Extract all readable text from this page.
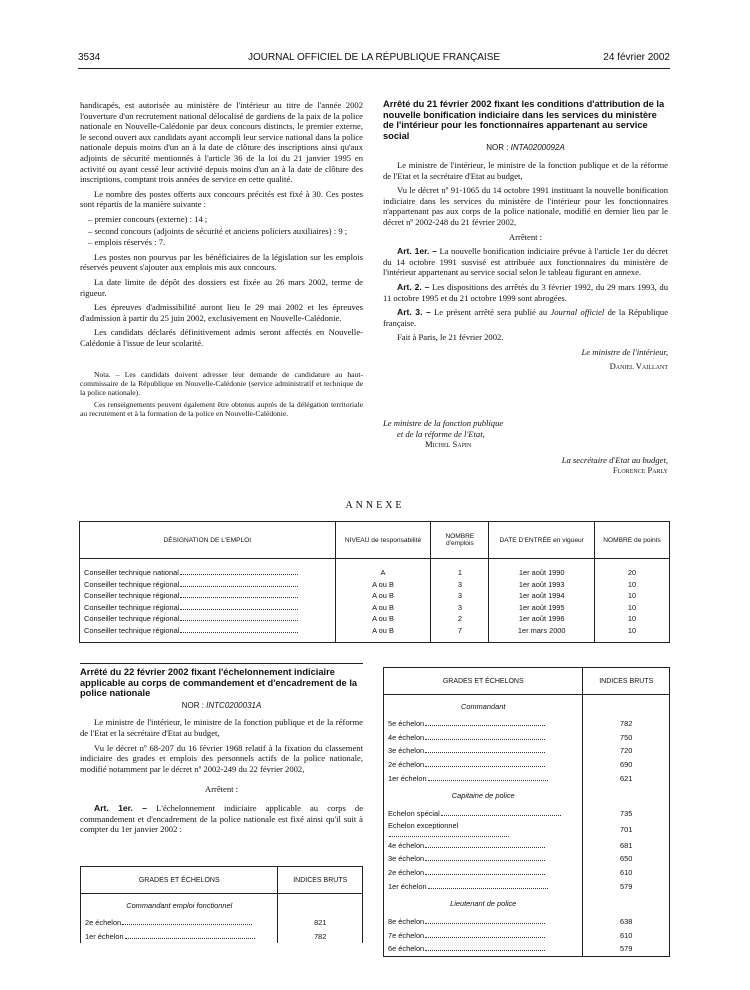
3534	JOURNAL OFFICIEL DE LA RÉPUBLIQUE FRANÇAISE	24 février 2002

handicapés, est autorisée au ministère de l'intérieur au titre de l'année 2002 l'ouverture d'un recrutement national délocalisé de gardiens de la paix de la police nationale en Nouvelle-Calédonie par deux concours distincts, le premier externe, le second ouvert aux candidats ayant accompli leur service national dans la police nationale depuis moins d'un an à la date de clôture des inscriptions ainsi qu'aux adjoints de sécurité mentionnés à l'article 36 de la loi du 21 janvier 1995 en activité ou ayant cessé leur activité depuis moins d'un an à la date de clôture des inscriptions, comptant trois années de service en cette qualité.

Le nombre des postes offerts aux concours précités est fixé à 30. Ces postes sont répartis de la manière suivante :

– premier concours (externe) : 14 ;
– second concours (adjoints de sécurité et anciens policiers auxiliaires) : 9 ;
– emplois réservés : 7.

Les postes non pourvus par les bénéficiaires de la législation sur les emplois réservés peuvent s'ajouter aux emplois mis aux concours.

La date limite de dépôt des dossiers est fixée au 26 mars 2002, terme de rigueur.

Les épreuves d'admissibilité auront lieu le 29 mai 2002 et les épreuves d'admission à partir du 25 juin 2002, exclusivement en Nouvelle-Calédonie.

Les candidats déclarés définitivement admis seront affectés en Nouvelle-Calédonie à l'issue de leur scolarité.

Nota. – Les candidats doivent adresser leur demande de candidature au haut-commissaire de la République en Nouvelle-Calédonie (service administratif et technique de la police nationale).

Ces renseignements peuvent également être obtenus auprès de la délégation territoriale au recrutement et à la formation de la police en Nouvelle-Calédonie.

Arrêté du 21 février 2002 fixant les conditions d'attribution de la nouvelle bonification indiciaire dans les services du ministère de l'intérieur pour les fonctionnaires appartenant au service social
NOR : INTA0200092A

Le ministre de l'intérieur, le ministre de la fonction publique et de la réforme de l'Etat et la secrétaire d'Etat au budget,

Vu le décret nº 91-1065 du 14 octobre 1991 instituant la nouvelle bonification indiciaire dans les services du ministère de l'intérieur pour les fonctionnaires n'appartenant pas aux corps de la police nationale, modifié en dernier lieu par le décret nº 2002-248 du 21 février 2002,

Arrêtent :

Art. 1er. – La nouvelle bonification indiciaire prévue à l'article 1er du décret du 14 octobre 1991 susvisé est attribuée aux fonctionnaires du ministère de l'intérieur appartenant au service social selon le tableau figurant en annexe.

Art. 2. – Les dispositions des arrêtés du 3 février 1992, du 29 mars 1993, du 11 octobre 1995 et du 21 octobre 1999 sont abrogées.

Art. 3. – Le présent arrêté sera publié au Journal officiel de la République française.

Fait à Paris, le 21 février 2002.

Le ministre de l'intérieur,

Daniel Vaillant

Le ministre de la fonction publique
et de la réforme de l'Etat,
Michel Sapin
La secrétaire d'Etat au budget,
Florence Parly
ANNEXE
DÉSIGNATION DE L'EMPLOI	NIVEAU de responsabilité	NOMBRE d'emplois	DATE D'ENTRÉE en vigueur	NOMBRE de points
Conseiller technique national	A	1	1er août 1990	20
Conseiller technique régional	A ou B	3	1er août 1993	10
Conseiller technique régional	A ou B	3	1er août 1994	10
Conseiller technique régional	A ou B	3	1er août 1995	10
Conseiller technique régional	A ou B	2	1er août 1996	10
Conseiller technique régional	A ou B	7	1er mars 2000	10
Arrêté du 22 février 2002 fixant l'échelonnement indiciaire applicable au corps de commandement et d'encadrement de la police nationale
NOR : INTC0200031A

Le ministre de l'intérieur, le ministre de la fonction publique et de la réforme de l'Etat et la secrétaire d'Etat au budget,

Vu le décret nº 68-207 du 16 février 1968 relatif à la fixation du classement indiciaire des grades et emplois des personnels actifs de la police nationale, modifié notamment par le décret nº 2002-249 du 22 février 2002,

Arrêtent :

Art. 1er. – L'échelonnement indiciaire applicable au corps de commandement et d'encadrement de la police nationale est fixé ainsi qu'il suit à compter du 1er janvier 2002 :

GRADES ET ÉCHELONS	INDICES BRUTS
Commandant emploi fonctionnel	
2e échelon	821
1er échelon	782
GRADES ET ÉCHELONS	INDICES BRUTS
Commandant	
5e échelon	782
4e échelon	750
3e échelon	720
2e échelon	690
1er échelon	621
Capitaine de police	
Echelon spécial	735
Echelon exceptionnel	701
4e échelon	681
3e échelon	650
2e échelon	610
1er échelon	579
Lieutenant de police	
8e échelon	638
7e échelon	610
6e échelon	579
